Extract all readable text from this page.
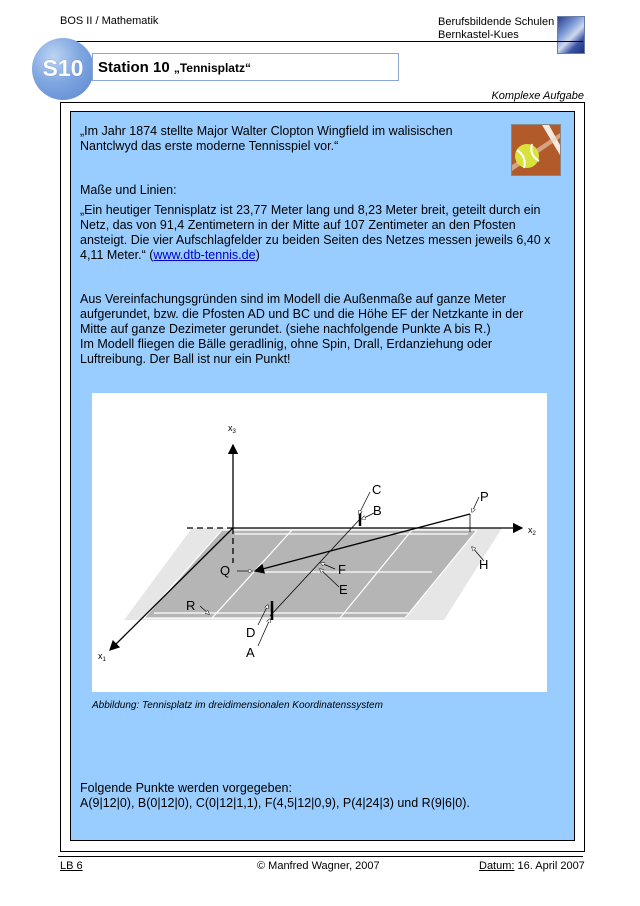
BOS II / Mathematik	Berufsbildende Schulen
Bernkastel-Kues
S10 Station 10 „Tennisplatz“
Komplexe Aufgabe
„Im Jahr 1874 stellte Major Walter Clopton Wingfield im walisischen
Nantclwyd das erste moderne Tennisspiel vor.“
Maße und Linien:
„Ein heutiger Tennisplatz ist 23,77 Meter lang und 8,23 Meter breit, geteilt durch ein
Netz, das von 91,4 Zentimetern in der Mitte auf 107 Zentimeter an den Pfosten
ansteigt. Die vier Aufschlagfelder zu beiden Seiten des Netzes messen jeweils 6,40 x
4,11 Meter.“ (www.dtb-tennis.de)
Aus Vereinfachungsgründen sind im Modell die Außenmaße auf ganze Meter
aufgerundet, bzw. die Pfosten AD und BC und die Höhe EF der Netzkante in der
Mitte auf ganze Dezimeter gerundet. (siehe nachfolgende Punkte A bis R.)
Im Modell fliegen die Bälle geradlinig, ohne Spin, Drall, Erdanziehung oder
Luftreibung. Der Ball ist nur ein Punkt!
$x_3$
$x_2$
$x_1$
C
B
P
H
Q	F
E
R
D
A
Abbildung: Tennisplatz im dreidimensionalen Koordinatenssystem
Folgende Punkte werden vorgegeben:
A(9|12|0), B(0|12|0), C(0|12|1,1), F(4,5|12|0,9), P(4|24|3) und R(9|6|0).
LB 6	© Manfred Wagner, 2007	Datum: 16. April 2007
